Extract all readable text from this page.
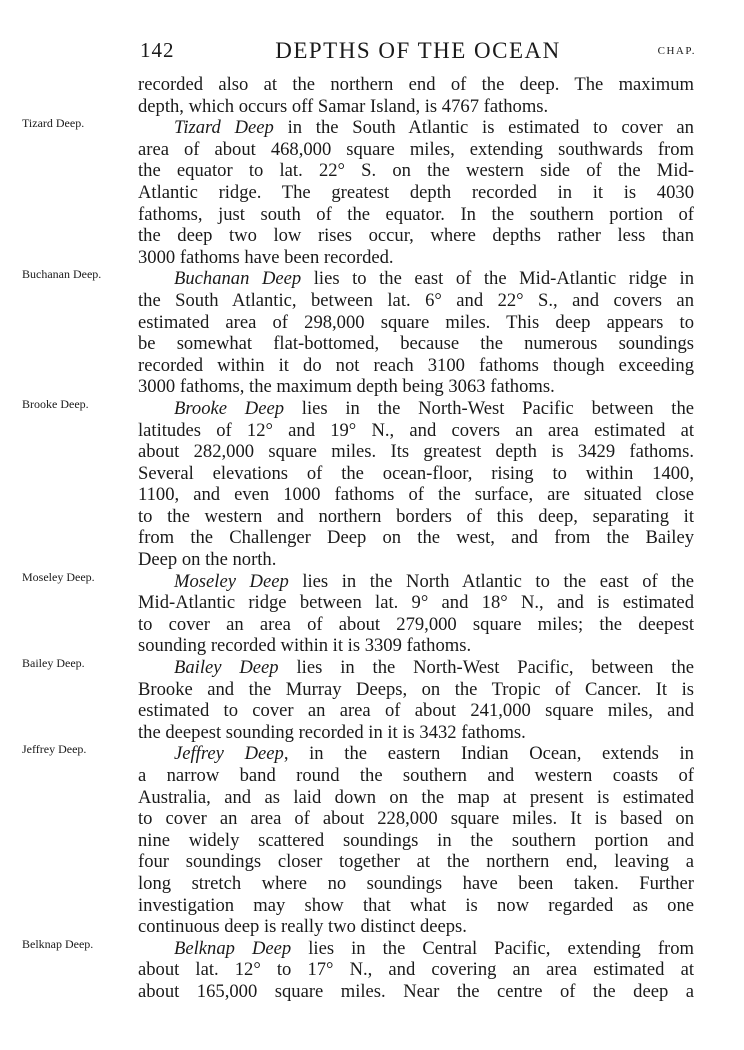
142	DEPTHS OF THE OCEAN	CHAP.
recorded also at the northern end of the deep. The maximum
depth, which occurs off Samar Island, is 4767 fathoms.
Tizard Deep.	Tizard Deep in the South Atlantic is estimated to cover an
area of about 468,000 square miles, extending southwards from
the equator to lat. 22° S. on the western side of the Mid-
Atlantic ridge. The greatest depth recorded in it is 4030
fathoms, just south of the equator. In the southern portion of
the deep two low rises occur, where depths rather less than
3000 fathoms have been recorded.
Buchanan Deep.	Buchanan Deep lies to the east of the Mid-Atlantic ridge in
the South Atlantic, between lat. 6° and 22° S., and covers an
estimated area of 298,000 square miles. This deep appears to
be somewhat flat-bottomed, because the numerous soundings
recorded within it do not reach 3100 fathoms though exceeding
3000 fathoms, the maximum depth being 3063 fathoms.
Brooke Deep.	Brooke Deep lies in the North-West Pacific between the
latitudes of 12° and 19° N., and covers an area estimated at
about 282,000 square miles. Its greatest depth is 3429 fathoms.
Several elevations of the ocean-floor, rising to within 1400,
1100, and even 1000 fathoms of the surface, are situated close
to the western and northern borders of this deep, separating it
from the Challenger Deep on the west, and from the Bailey
Deep on the north.
Moseley Deep.	Moseley Deep lies in the North Atlantic to the east of the
Mid-Atlantic ridge between lat. 9° and 18° N., and is estimated
to cover an area of about 279,000 square miles; the deepest
sounding recorded within it is 3309 fathoms.
Bailey Deep.	Bailey Deep lies in the North-West Pacific, between the
Brooke and the Murray Deeps, on the Tropic of Cancer. It is
estimated to cover an area of about 241,000 square miles, and
the deepest sounding recorded in it is 3432 fathoms.
Jeffrey Deep.	Jeffrey Deep, in the eastern Indian Ocean, extends in
a narrow band round the southern and western coasts of
Australia, and as laid down on the map at present is estimated
to cover an area of about 228,000 square miles. It is based on
nine widely scattered soundings in the southern portion and
four soundings closer together at the northern end, leaving a
long stretch where no soundings have been taken. Further
investigation may show that what is now regarded as one
continuous deep is really two distinct deeps.
Belknap Deep.	Belknap Deep lies in the Central Pacific, extending from
about lat. 12° to 17° N., and covering an area estimated at
about 165,000 square miles. Near the centre of the deep a
